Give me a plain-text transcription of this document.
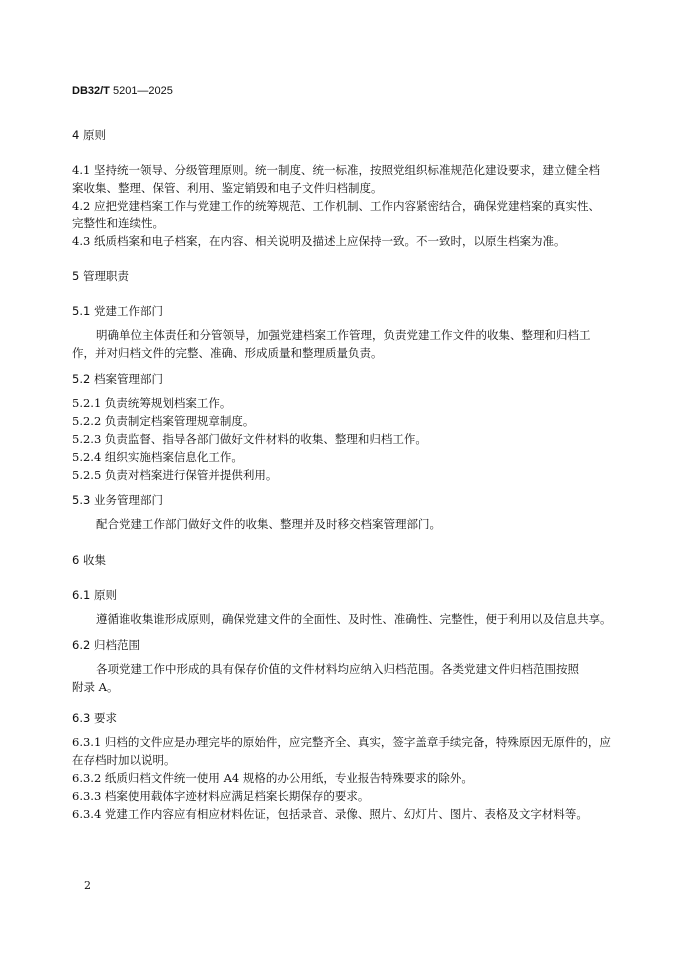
DB32/T 5201—2025
4 原则
4.1 坚持统一领导、分级管理原则。统一制度、统一标准，按照党组织标准规范化建设要求，建立健全档
案收集、整理、保管、利用、鉴定销毁和电子文件归档制度。
4.2 应把党建档案工作与党建工作的统筹规范、工作机制、工作内容紧密结合，确保党建档案的真实性、
完整性和连续性。
4.3 纸质档案和电子档案，在内容、相关说明及描述上应保持一致。不一致时，以原生档案为准。
5 管理职责
5.1 党建工作部门
明确单位主体责任和分管领导，加强党建档案工作管理，负责党建工作文件的收集、整理和归档工
作，并对归档文件的完整、准确、形成质量和整理质量负责。
5.2 档案管理部门
5.2.1 负责统筹规划档案工作。
5.2.2 负责制定档案管理规章制度。
5.2.3 负责监督、指导各部门做好文件材料的收集、整理和归档工作。
5.2.4 组织实施档案信息化工作。
5.2.5 负责对档案进行保管并提供利用。
5.3 业务管理部门
配合党建工作部门做好文件的收集、整理并及时移交档案管理部门。
6 收集
6.1 原则
遵循谁收集谁形成原则，确保党建文件的全面性、及时性、准确性、完整性，便于利用以及信息共享。
6.2 归档范围
各项党建工作中形成的具有保存价值的文件材料均应纳入归档范围。各类党建文件归档范围按照
附录 A。
6.3 要求
6.3.1 归档的文件应是办理完毕的原始件，应完整齐全、真实，签字盖章手续完备，特殊原因无原件的，应
在存档时加以说明。
6.3.2 纸质归档文件统一使用 A4 规格的办公用纸，专业报告特殊要求的除外。
6.3.3 档案使用载体字迹材料应满足档案长期保存的要求。
6.3.4 党建工作内容应有相应材料佐证，包括录音、录像、照片、幻灯片、图片、表格及文字材料等。
2
